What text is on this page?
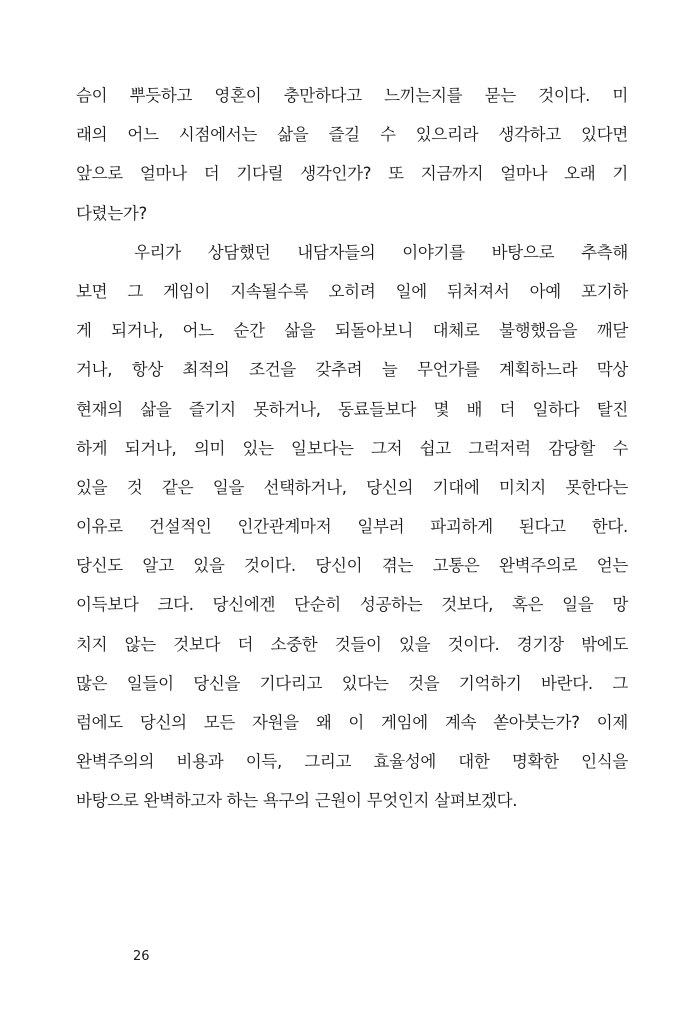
슴이 뿌듯하고 영혼이 충만하다고 느끼는지를 묻는 것이다. 미
래의 어느 시점에서는 삶을 즐길 수 있으리라 생각하고 있다면
앞으로 얼마나 더 기다릴 생각인가? 또 지금까지 얼마나 오래 기
다렸는가?
우리가 상담했던 내담자들의 이야기를 바탕으로 추측해
보면 그 게임이 지속될수록 오히려 일에 뒤처져서 아예 포기하
게 되거나, 어느 순간 삶을 되돌아보니 대체로 불행했음을 깨닫
거나, 항상 최적의 조건을 갖추려 늘 무언가를 계획하느라 막상
현재의 삶을 즐기지 못하거나, 동료들보다 몇 배 더 일하다 탈진
하게 되거나, 의미 있는 일보다는 그저 쉽고 그럭저럭 감당할 수
있을 것 같은 일을 선택하거나, 당신의 기대에 미치지 못한다는
이유로 건설적인 인간관계마저 일부러 파괴하게 된다고 한다.
당신도 알고 있을 것이다. 당신이 겪는 고통은 완벽주의로 얻는
이득보다 크다. 당신에겐 단순히 성공하는 것보다, 혹은 일을 망
치지 않는 것보다 더 소중한 것들이 있을 것이다. 경기장 밖에도
많은 일들이 당신을 기다리고 있다는 것을 기억하기 바란다. 그
럼에도 당신의 모든 자원을 왜 이 게임에 계속 쏟아붓는가? 이제
완벽주의의 비용과 이득, 그리고 효율성에 대한 명확한 인식을
바탕으로 완벽하고자 하는 욕구의 근원이 무엇인지 살펴보겠다.
26
